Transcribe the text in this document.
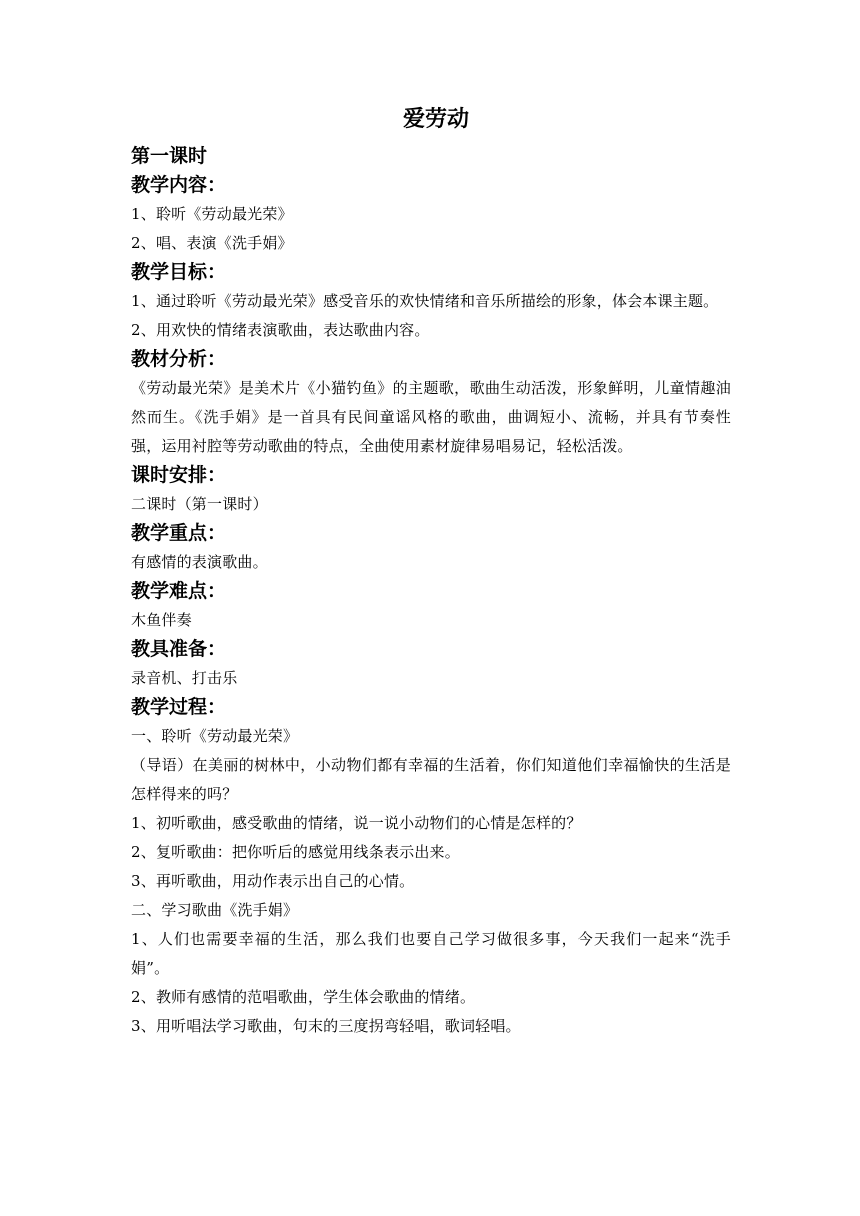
爱劳动
第一课时
教学内容：

1、聆听《劳动最光荣》

2、唱、表演《洗手娟》

教学目标：

1、通过聆听《劳动最光荣》感受音乐的欢快情绪和音乐所描绘的形象，体会本课主题。

2、用欢快的情绪表演歌曲，表达歌曲内容。

教材分析：

《劳动最光荣》是美术片《小猫钓鱼》的主题歌，歌曲生动活泼，形象鲜明，儿童情趣油然而生。《洗手娟》是一首具有民间童谣风格的歌曲，曲调短小、流畅，并具有节奏性强，运用衬腔等劳动歌曲的特点，全曲使用素材旋律易唱易记，轻松活泼。

课时安排：

二课时（第一课时）

教学重点：

有感情的表演歌曲。

教学难点：

木鱼伴奏

教具准备：

录音机、打击乐

教学过程：

一、聆听《劳动最光荣》

（导语）在美丽的树林中，小动物们都有幸福的生活着，你们知道他们幸福愉快的生活是怎样得来的吗？

1、初听歌曲，感受歌曲的情绪，说一说小动物们的心情是怎样的？

2、复听歌曲：把你听后的感觉用线条表示出来。

3、再听歌曲，用动作表示出自己的心情。

二、学习歌曲《洗手娟》

1、人们也需要幸福的生活，那么我们也要自己学习做很多事，今天我们一起来“洗手娟”。

2、教师有感情的范唱歌曲，学生体会歌曲的情绪。

3、用听唱法学习歌曲，句末的三度拐弯轻唱，歌词轻唱。
